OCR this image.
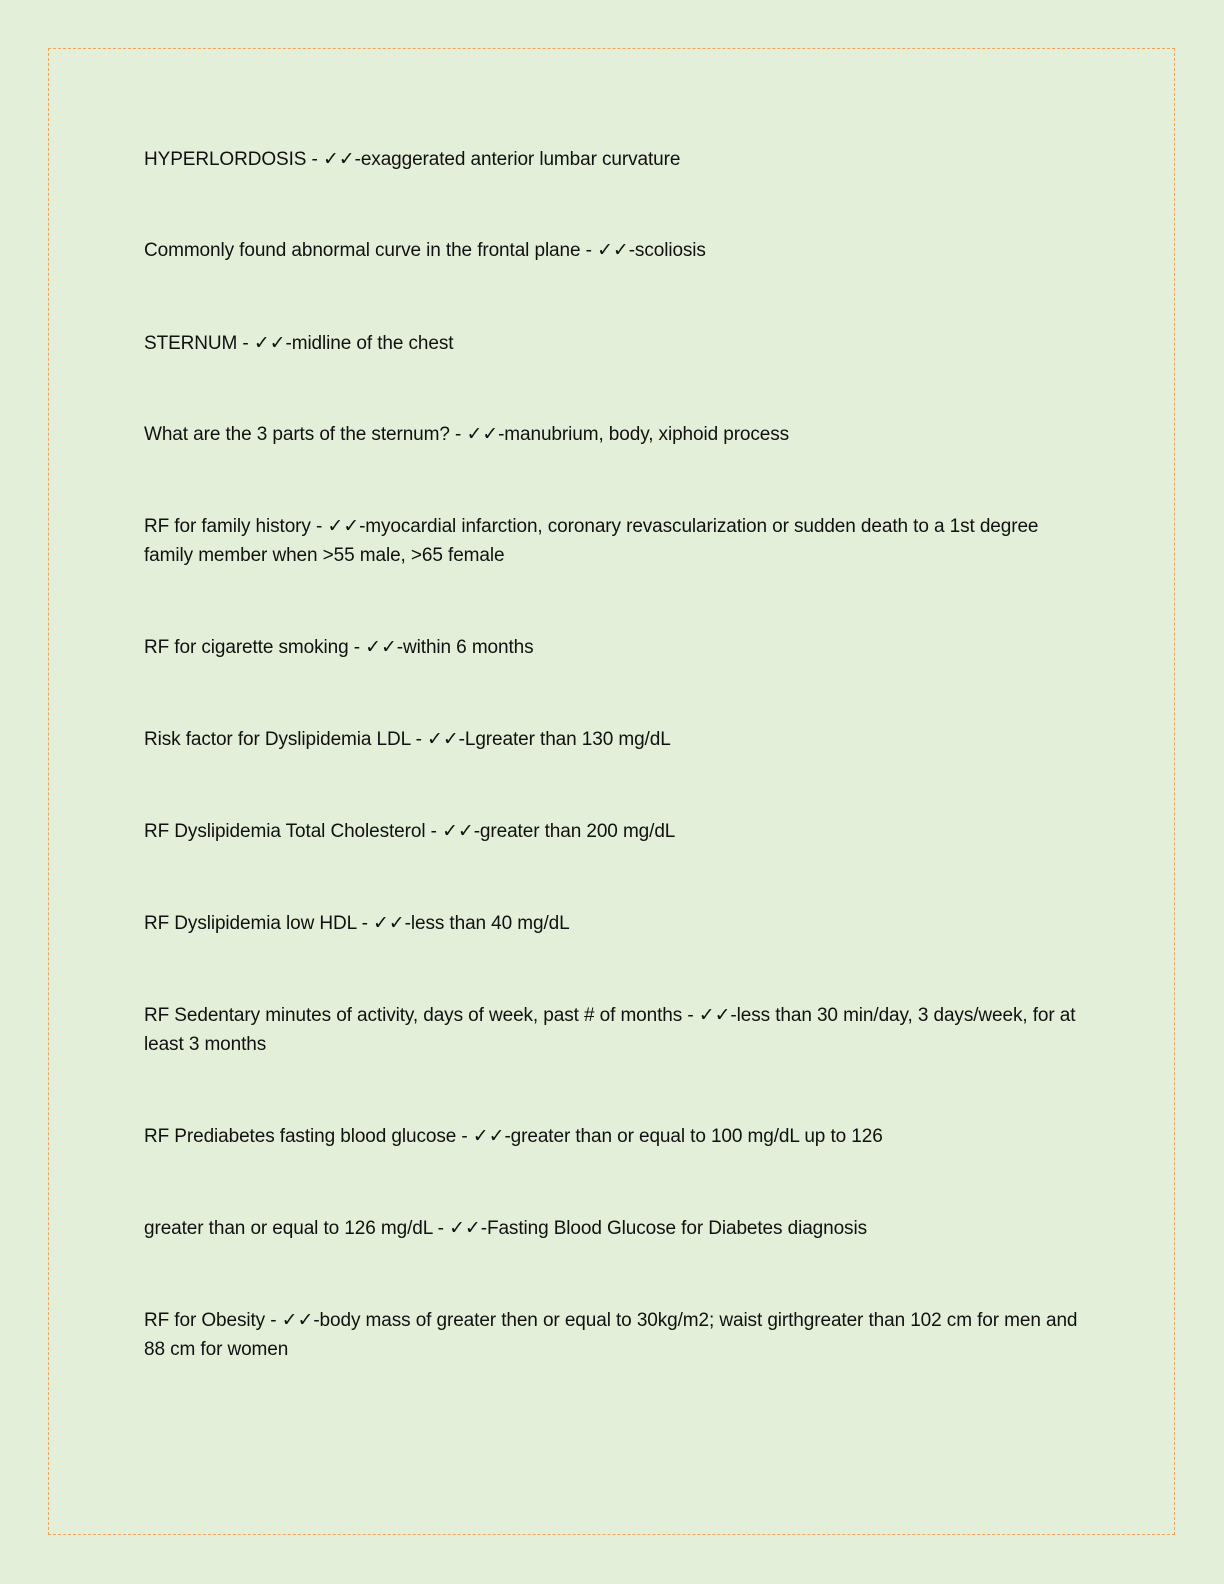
HYPERLORDOSIS - ✓✓-exaggerated anterior lumbar curvature

Commonly found abnormal curve in the frontal plane - ✓✓-scoliosis

STERNUM - ✓✓-midline of the chest

What are the 3 parts of the sternum? - ✓✓-manubrium, body, xiphoid process

RF for family history - ✓✓-myocardial infarction, coronary revascularization or sudden death to a 1st degree family member when >55 male, >65 female

RF for cigarette smoking - ✓✓-within 6 months

Risk factor for Dyslipidemia LDL - ✓✓-Lgreater than 130 mg/dL

RF Dyslipidemia Total Cholesterol - ✓✓-greater than 200 mg/dL

RF Dyslipidemia low HDL - ✓✓-less than 40 mg/dL

RF Sedentary minutes of activity, days of week, past # of months - ✓✓-less than 30 min/day, 3 days/week, for at least 3 months

RF Prediabetes fasting blood glucose - ✓✓-greater than or equal to 100 mg/dL up to 126

greater than or equal to 126 mg/dL - ✓✓-Fasting Blood Glucose for Diabetes diagnosis

RF for Obesity - ✓✓-body mass of greater then or equal to 30kg/m2; waist girthgreater than 102 cm for men and 88 cm for women
